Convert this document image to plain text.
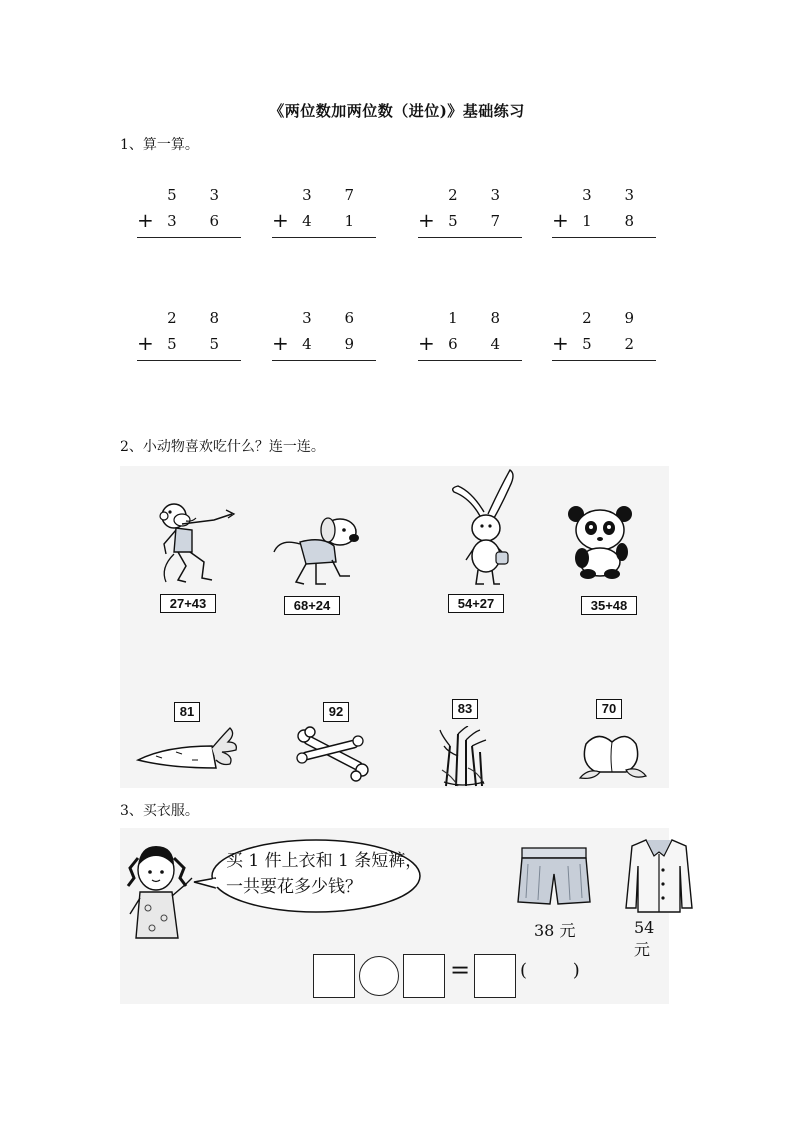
《两位数加两位数（进位)》基础练习
1、算一算。
5 3
+ 3 6
3 7
+ 4 1
2 3
+ 5 7
3 3
+ 1 8
2 8
+ 5 5
3 6
+ 4 9
1 8
+ 6 4
2 9
+ 5 2
2、小动物喜欢吃什么？连一连。
27+43	68+24	54+27	35+48
81	92	83	70
3、买衣服。
买 1 件上衣和 1 条短裤，
一共要花多少钱？
38 元	54 元
=	(        )
